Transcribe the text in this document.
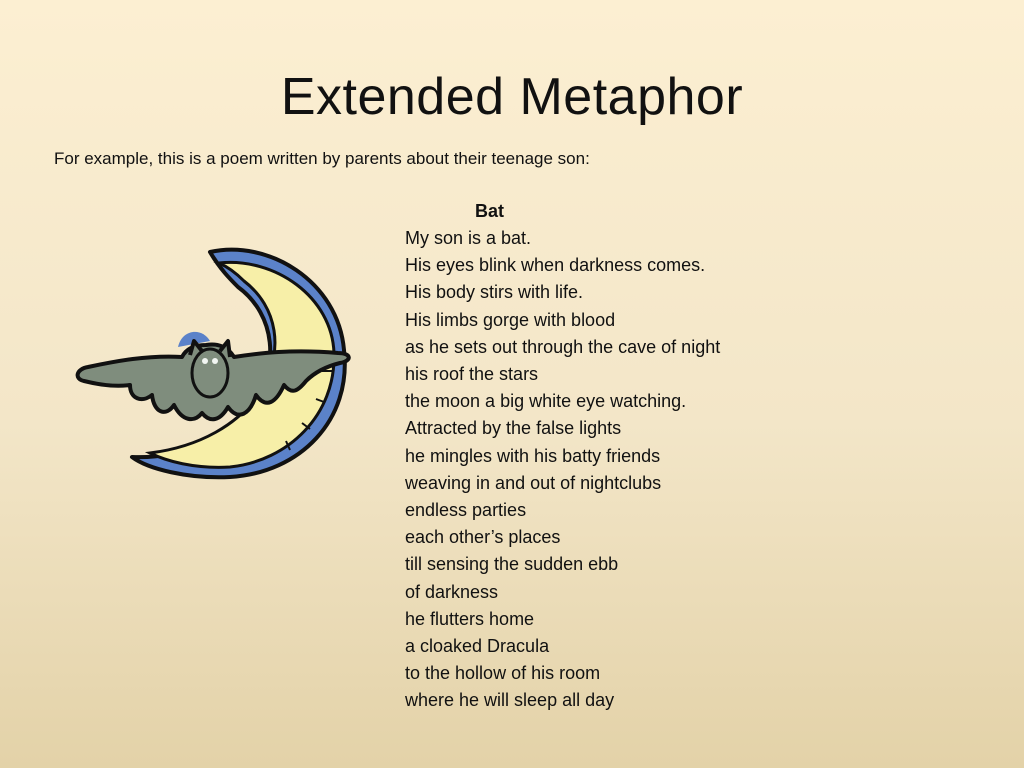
Extended Metaphor
For example, this is a poem written by parents about their teenage son:
Bat
My son is a bat.
His eyes blink when darkness comes.
His body stirs with life.
His limbs gorge with blood
as he sets out through the cave of night
his roof the stars
the moon a big white eye watching.
Attracted by the false lights
he mingles with his batty friends
weaving in and out of nightclubs
endless parties
each other’s places
till sensing the sudden ebb
of darkness
he flutters home
a cloaked Dracula
to the hollow of his room
where he will sleep all day
